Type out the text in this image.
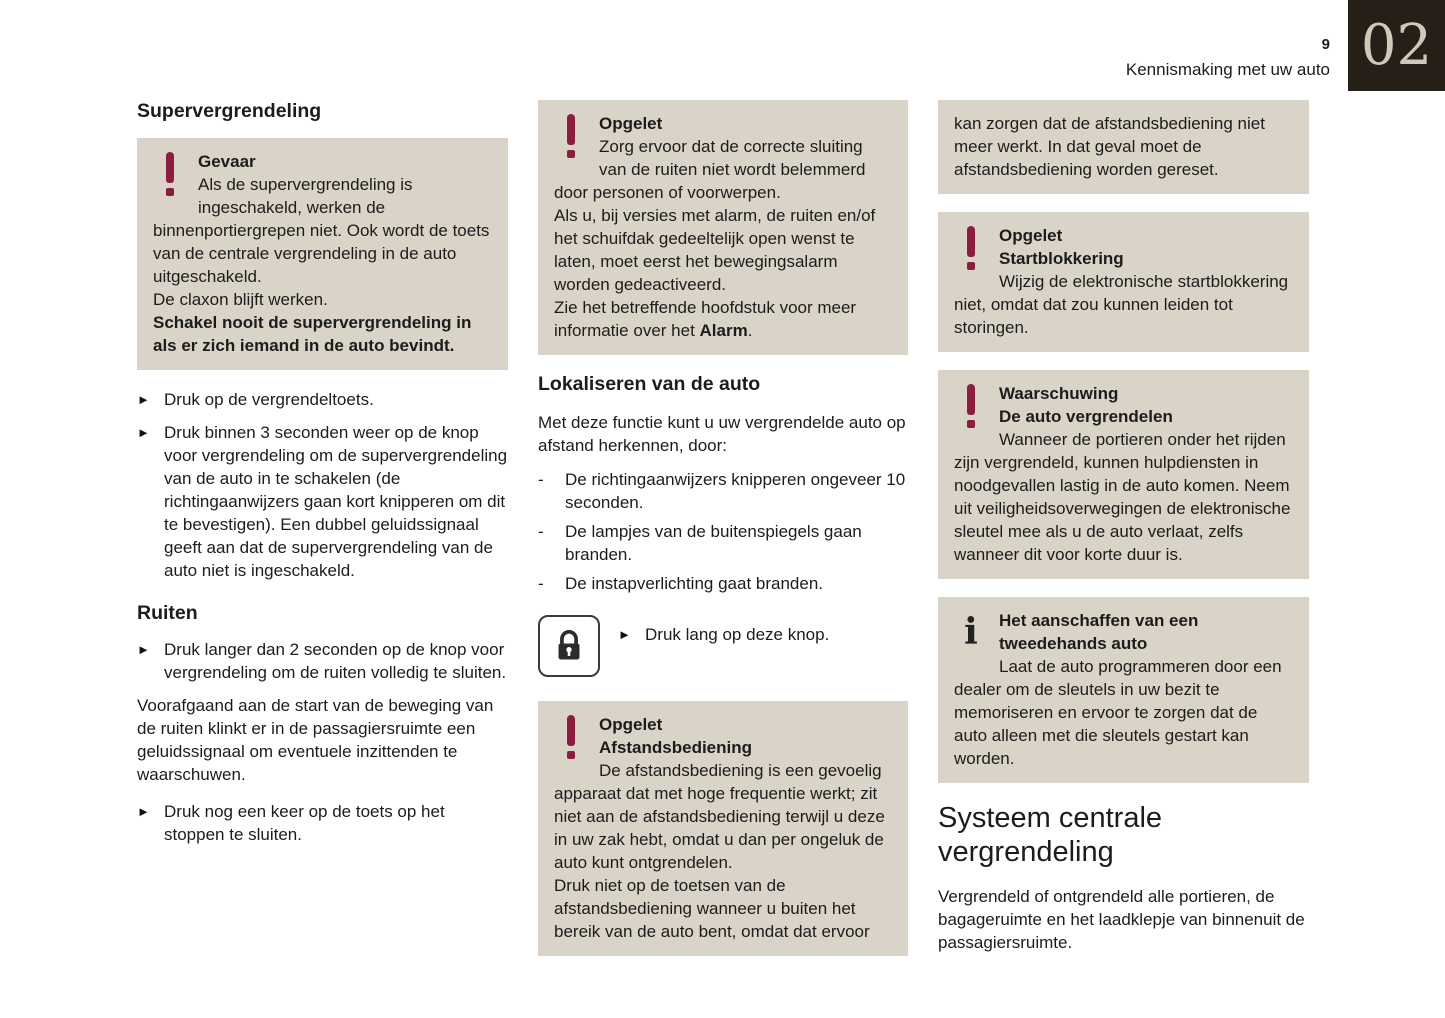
02
9
Kennismaking met uw auto
Supervergrendeling

Gevaar

Als de supervergrendeling is ingeschakeld, werken de binnenportiergrepen niet. Ook wordt de toets van de centrale vergrendeling in de auto uitgeschakeld.

De claxon blijft werken.

Schakel nooit de supervergrendeling in als er zich iemand in de auto bevindt.

► Druk op de vergrendeltoets.

► Druk binnen 3 seconden weer op de knop voor vergrendeling om de supervergrendeling van de auto in te schakelen (de richtingaanwijzers gaan kort knipperen om dit te bevestigen). Een dubbel geluidssignaal geeft aan dat de supervergrendeling van de auto niet is ingeschakeld.

Ruiten
► Druk langer dan 2 seconden op de knop voor vergrendeling om de ruiten volledig te sluiten.

Voorafgaand aan de start van de beweging van de ruiten klinkt er in de passagiersruimte een geluidssignaal om eventuele inzittenden te waarschuwen.

► Druk nog een keer op de toets op het stoppen te sluiten.

Opgelet

Zorg ervoor dat de correcte sluiting van de ruiten niet wordt belemmerd door personen of voorwerpen.

Als u, bij versies met alarm, de ruiten en/of het schuifdak gedeeltelijk open wenst te laten, moet eerst het bewegingsalarm worden gedeactiveerd.

Zie het betreffende hoofdstuk voor meer informatie over het Alarm.

Lokaliseren van de auto

Met deze functie kunt u uw vergrendelde auto op afstand herkennen, door:

-	De richtingaanwijzers knipperen ongeveer 10 seconden.

-	De lampjes van de buitenspiegels gaan branden.

-	De instapverlichting gaat branden.

► Druk lang op deze knop.

Opgelet

Afstandsbediening

De afstandsbediening is een gevoelig apparaat dat met hoge frequentie werkt; zit niet aan de afstandsbediening terwijl u deze in uw zak hebt, omdat u dan per ongeluk de auto kunt ontgrendelen.

Druk niet op de toetsen van de afstandsbediening wanneer u buiten het bereik van de auto bent, omdat dat ervoor

kan zorgen dat de afstandsbediening niet meer werkt. In dat geval moet de afstandsbediening worden gereset.

Opgelet

Startblokkering

Wijzig de elektronische startblokkering niet, omdat dat zou kunnen leiden tot storingen.

Waarschuwing

De auto vergrendelen

Wanneer de portieren onder het rijden zijn vergrendeld, kunnen hulpdiensten in noodgevallen lastig in de auto komen. Neem uit veiligheidsoverwegingen de elektronische sleutel mee als u de auto verlaat, zelfs wanneer dit voor korte duur is.

i	Het aanschaffen van een tweedehands auto

Laat de auto programmeren door een dealer om de sleutels in uw bezit te memoriseren en ervoor te zorgen dat de auto alleen met die sleutels gestart kan worden.

Systeem centrale vergrendeling

Vergrendeld of ontgrendeld alle portieren, de bagageruimte en het laadklepje van binnenuit de passagiersruimte.
